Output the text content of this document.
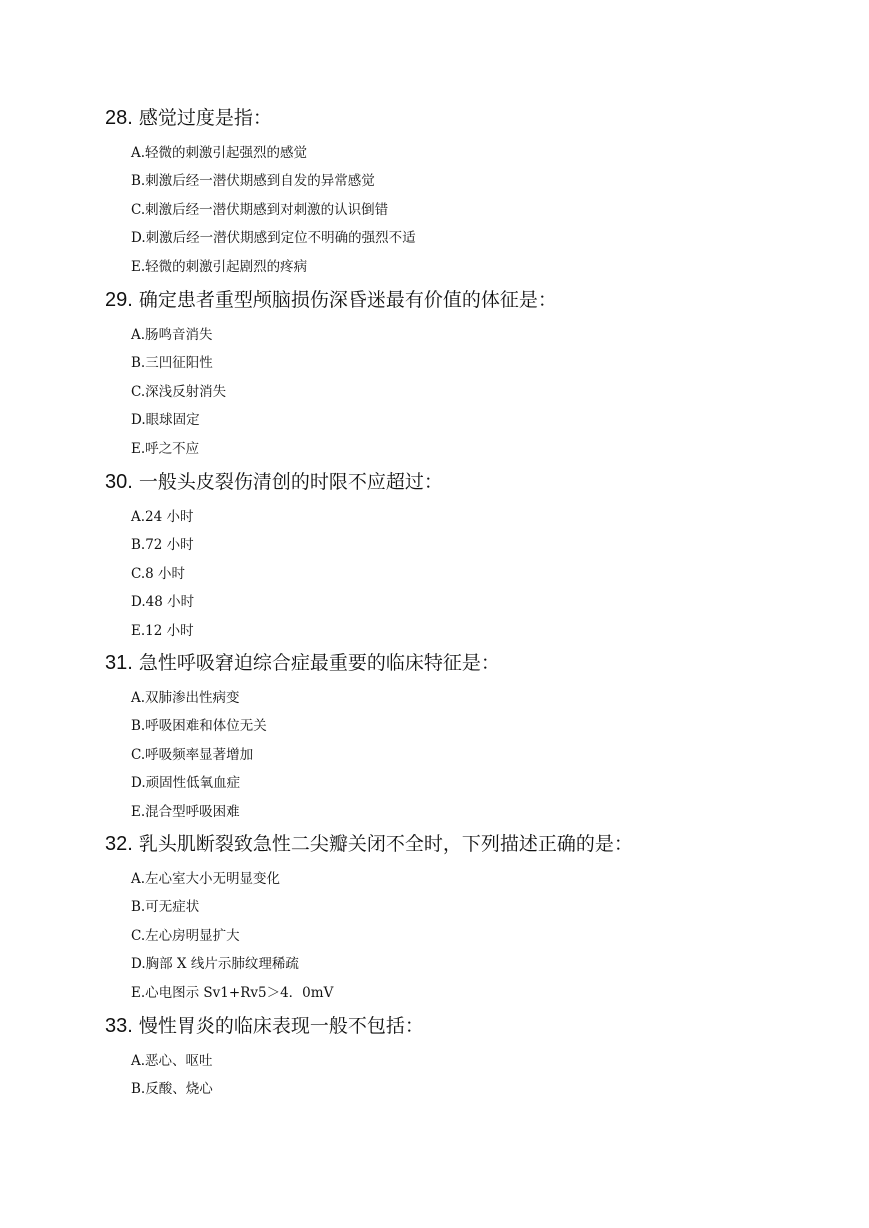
28. 感觉过度是指：

A.轻微的刺激引起强烈的感觉
B.刺激后经一潜伏期感到自发的异常感觉
C.刺激后经一潜伏期感到对刺激的认识倒错
D.刺激后经一潜伏期感到定位不明确的强烈不适
E.轻微的刺激引起剧烈的疼病

29. 确定患者重型颅脑损伤深昏迷最有价值的体征是：

A.肠鸣音消失
B.三凹征阳性
C.深浅反射消失
D.眼球固定
E.呼之不应

30. 一般头皮裂伤清创的时限不应超过：

A.24 小时
B.72 小时
C.8 小时
D.48 小时
E.12 小时

31. 急性呼吸窘迫综合症最重要的临床特征是：

A.双肺渗出性病变
B.呼吸困难和体位无关
C.呼吸频率显著增加
D.顽固性低氧血症
E.混合型呼吸困难

32. 乳头肌断裂致急性二尖瓣关闭不全时，下列描述正确的是：

A.左心室大小无明显变化
B.可无症状
C.左心房明显扩大
D.胸部 X 线片示肺纹理稀疏
E.心电图示 Sv1+Rv5＞4．0mV

33. 慢性胃炎的临床表现一般不包括：

A.恶心、呕吐
B.反酸、烧心
